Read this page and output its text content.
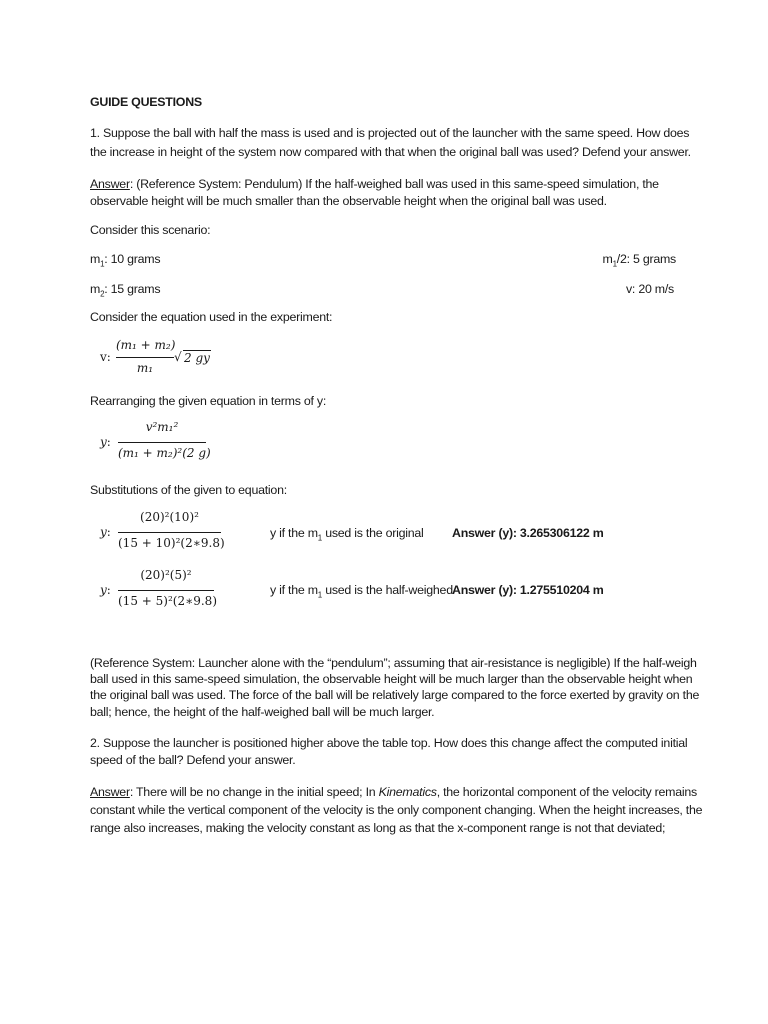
GUIDE QUESTIONS
1. Suppose the ball with half the mass is used and is projected out of the launcher with the same speed. How does
the increase in height of the system now compared with that when the original ball was used? Defend your answer.
Answer: (Reference System: Pendulum) If the half-weighed ball was used in this same-speed simulation, the
observable height will be much smaller than the observable height when the original ball was used.
Consider this scenario:
$m_1$: 10 grams	$m_1/2$: 5 grams
$m_2$: 15 grams	v: 20 m/s
Consider the equation used in the experiment:
v:
(m₁ + m₂)
m₁
√ 2 gy
Rearranging the given equation in terms of y:
y:
v²m₁²
(m₁ + m₂)²(2 g)
Substitutions of the given to equation:
y:
(20)²(10)²
(15 + 10)²(2∗9.8)
y if the $m_1$ used is the original Answer (y): 3.265306122 m
y:
(20)²(5)²
(15 + 5)²(2∗9.8)
y if the $m_1$ used is the half-weighed Answer (y): 1.275510204 m
(Reference System: Launcher alone with the “pendulum”; assuming that air-resistance is negligible) If the half-weigh
ball used in this same-speed simulation, the observable height will be much larger than the observable height when
the original ball was used. The force of the ball will be relatively large compared to the force exerted by gravity on the
ball; hence, the height of the half-weighed ball will be much larger.
2. Suppose the launcher is positioned higher above the table top. How does this change affect the computed initial
speed of the ball? Defend your answer.
Answer: There will be no change in the initial speed; In Kinematics, the horizontal component of the velocity remains
constant while the vertical component of the velocity is the only component changing. When the height increases, the
range also increases, making the velocity constant as long as that the x-component range is not that deviated;
